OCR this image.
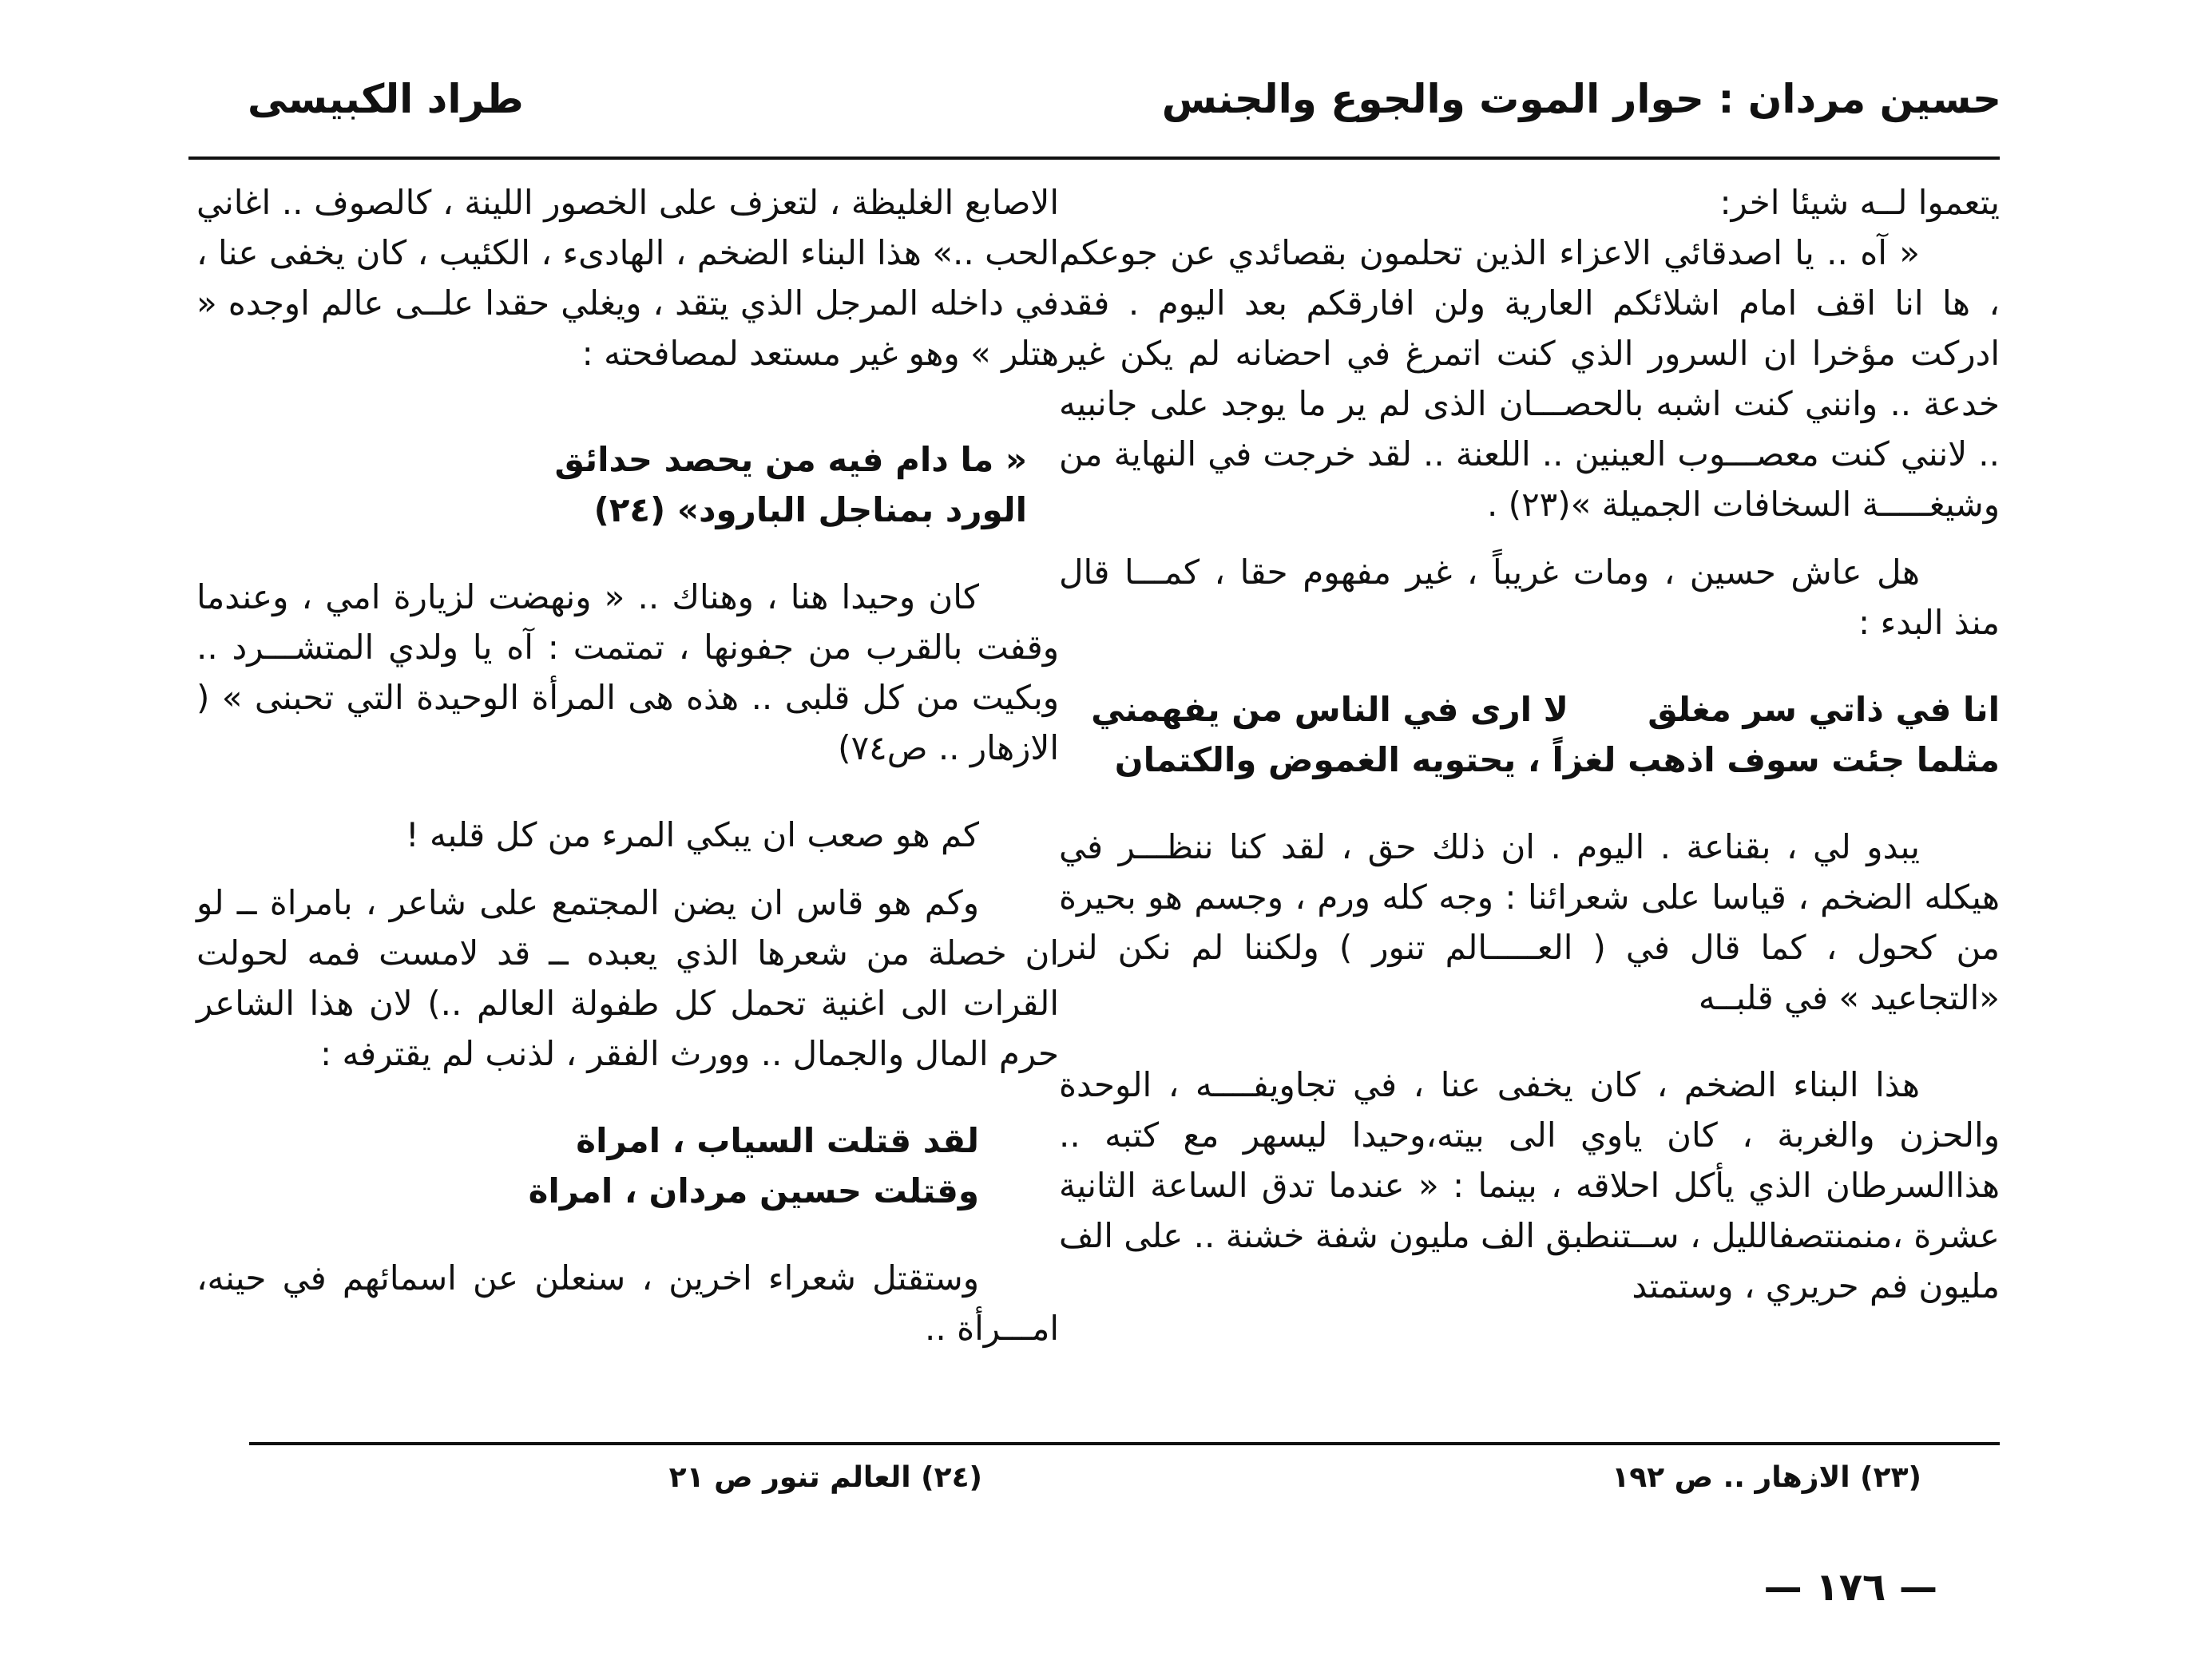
حسين مردان : حوار الموت والجوع والجنس
طراد الكبيسى

يتعموا لــه شيئا اخر:

« آه .. يا اصدقائي الاعزاء الذين تحلمون بقصائدي عن جوعكم ، ها انا اقف امام اشلائكم العارية ولن افارقكم بعد اليوم . فقد ادركت مؤخرا ان السرور الذي كنت اتمرغ في احضانه لم يكن غير خدعة .. وانني كنت اشبه بالحصـــان الذى لم ير ما يوجد على جانبيه .. لانني كنت معصـــوب العينين .. اللعنة .. لقد خرجت في النهاية من وشيغـــــة السخافات الجميلة »(٢٣) .

هل عاش حسين ، ومات غريباً ، غير مفهوم حقا ، كمـــا قال منذ البدء :

انا في ذاتي سر مغلق  لا ارى في الناس من يفهمني
مثلما جئت سوف اذهب لغزاً ، يحتويه الغموض والكتمان

يبدو لي ، بقناعة . اليوم . ان ذلك حق ، لقد كنا ننظـــر في هيكله الضخم ، قياسا على شعرائنا : وجه كله ورم ، وجسم هو بحيرة من كحول ، كما قال في ( العـــــالم تنور ) ولكننا لم نكن لنر «التجاعيد » في قلبــه

هذا البناء الضخم ، كان يخفى عنا ، في تجاويفــــه ، الوحدة والحزن والغربة ، كان ياوي الى بيته،وحيدا ليسهر مع كتبه .. هذاالسرطان الذي يأكل احلاقه ، بينما : « عندما تدق الساعة الثانية عشرة ،منمنتصفالليل ، ســتنطبق الف مليون شفة خشنة .. على الف مليون فم حريري ، وستمتد

الاصابع الغليظة ، لتعزف على الخصور اللينة ، كالصوف .. اغاني الحب ..» هذا البناء الضخم ، الهادىء ، الكئيب ، كان يخفى عنا ، في داخله المرجل الذي يتقد ، ويغلي حقدا علــى عالم اوجده « هتلر » وهو غير مستعد لمصافحته :

« ما دام فيه من يحصد حدائق

الورد بمناجل البارود» (٢٤)

كان وحيدا هنا ، وهناك .. « ونهضت لزيارة امي ، وعندما وقفت بالقرب من جفونها ، تمتمت : آه يا ولدي المتشـــرد .. وبكيت من كل قلبى .. هذه هى المرأة الوحيدة التي تحبنى » ( الازهار .. ص٧٤)

كم هو صعب ان يبكي المرء من كل قلبه !

وكم هو قاس ان يضن المجتمع على شاعر ، بامراة ــ لو ان خصلة من شعرها الذي يعبده ــ قد لامست فمه لحولت القرات الى اغنية تحمل كل طفولة العالم ..) لان هذا الشاعر حرم المال والجمال .. وورث الفقر ، لذنب لم يقترفه :

لقد قتلت السياب ، امراة

وقتلت حسين مردان ، امراة

وستقتل شعراء اخرين ، سنعلن عن اسمائهم في حينه، امـــرأة ..

(٢٣) الازهار .. ص ١٩٢
(٢٤) العالم تنور ص ٢١
— ١٧٦ —
